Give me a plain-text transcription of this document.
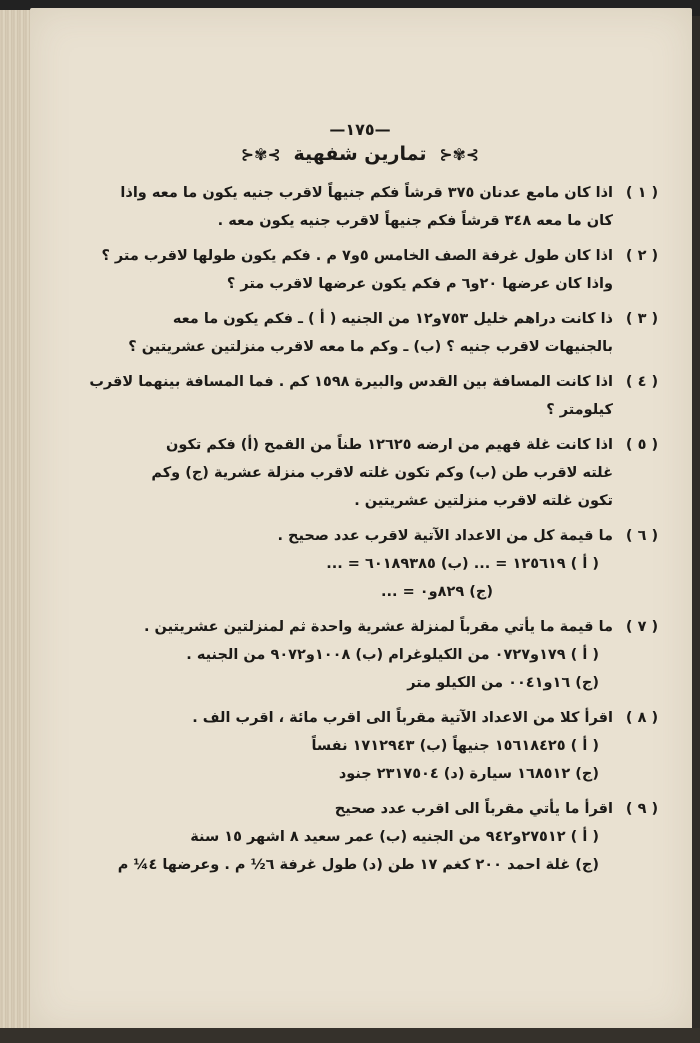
—١٧٥—
⊱✾⊰ تمارين شفهية ⊱✾⊰
( ١ )
اذا كان مامع عدنان ٣٧٥ قرشاً فكم جنيهاً لاقرب جنيه يكون ما معه واذا
كان ما معه ٣٤٨ قرشاً فكم جنيهاً لاقرب جنيه يكون معه .
( ٢ )
اذا كان طول غرفة الصف الخامس ٥و٧ م . فكم يكون طولها لاقرب متر ؟
واذا كان عرضها ٢٠و٦ م فكم يكون عرضها لاقرب متر ؟
( ٣ )
ذا كانت دراهم خليل ٧٥٣و١٢ من الجنيه ( أ ) ـ فكم يكون ما معه
بالجنيهات لاقرب جنيه ؟ (ب) ـ وكم ما معه لاقرب منزلتين عشريتين ؟
( ٤ )
اذا كانت المسافة بين القدس والبيرة ١٥٩٨ كم . فما المسافة بينهما لاقرب
كيلومتر ؟
( ٥ )
اذا كانت غلة فهيم من ارضه ١٢٦٢٥ طناً من القمح (أ) فكم تكون
غلته لاقرب طن (ب) وكم تكون غلته لاقرب منزلة عشرية (ج) وكم
تكون غلته لاقرب منزلتين عشريتين .
( ٦ )
ما قيمة كل من الاعداد الآتية لاقرب عدد صحيح .
( أ ) ١٢٥٦١٩ = ... (ب) ٦٠١٨٩٣٨٥ = ...
(ج) ٨٢٩و٠ = ...
( ٧ )
ما قيمة ما يأتي مقرباً لمنزلة عشرية واحدة ثم لمنزلتين عشريتين .
( أ ) ١٧٩و٠٧٢٧ من الكيلوغرام (ب) ١٠٠٨و٩٠٧٢ من الجنيه .
(ج) ١٦و٠٠٤١ من الكيلو متر
( ٨ )
اقرأ كلا من الاعداد الآتية مقرباً الى اقرب مائة ، اقرب الف .
( أ ) ١٥٦١٨٤٢٥ جنيهاً (ب) ١٧١٢٩٤٣ نفساً
(ج) ١٦٨٥١٢ سيارة (د) ٢٣١٧٥٠٤ جنود
( ٩ )
اقرأ ما يأتي مقرباً الى اقرب عدد صحيح
( أ ) ٢٧٥١٢و٩٤٢ من الجنيه (ب) عمر سعيد ٨ اشهر ١٥ سنة
(ج) غلة احمد ٢٠٠ كغم ١٧ طن (د) طول غرفة ٦½ م . وعرضها ٤¼ م
